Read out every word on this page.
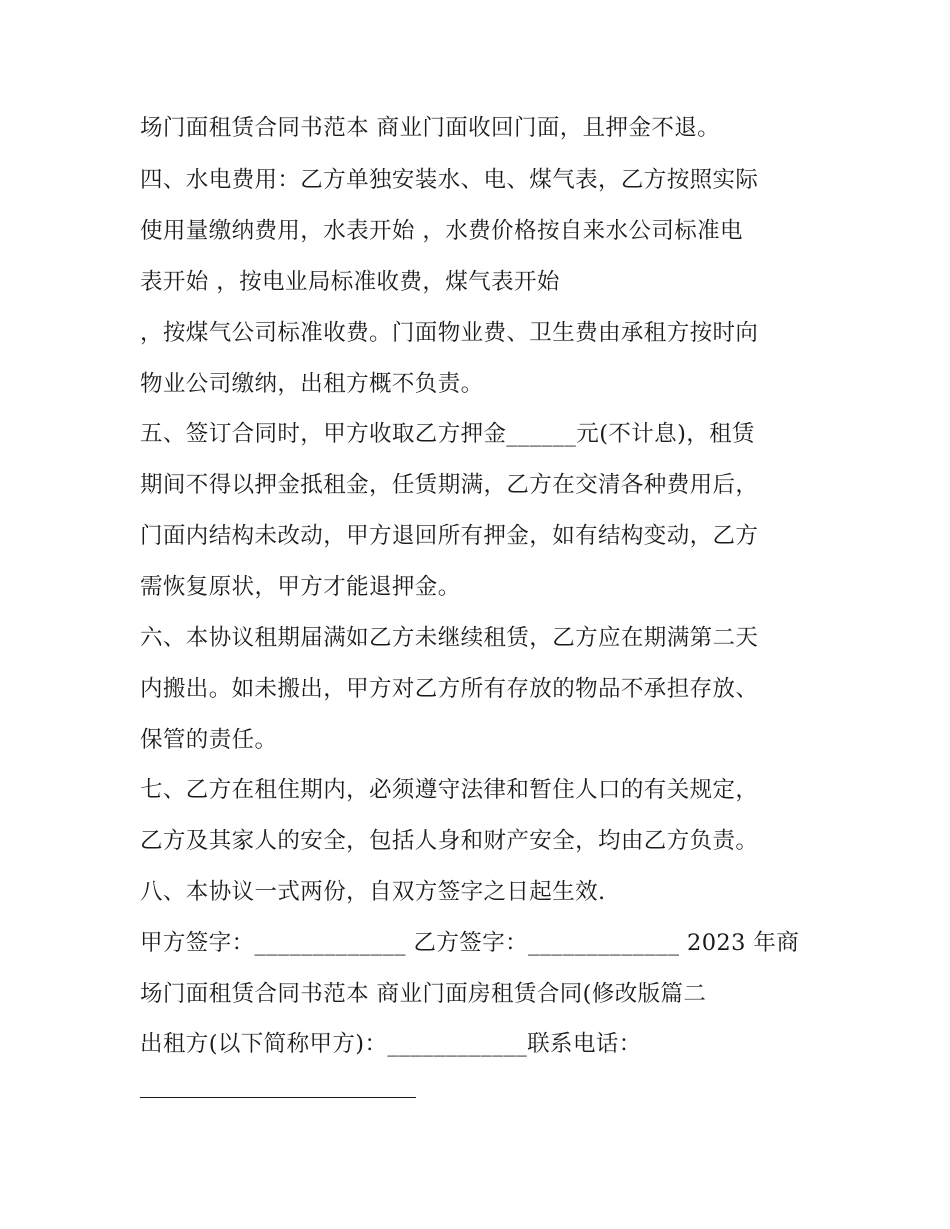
场门面租赁合同书范本 商业门面收回门面，且押金不退。
四、水电费用：乙方单独安装水、电、煤气表，乙方按照实际
使用量缴纳费用，水表开始 ，水费价格按自来水公司标准电
表开始 ，按电业局标准收费，煤气表开始
，按煤气公司标准收费。门面物业费、卫生费由承租方按时向
物业公司缴纳，出租方概不负责。
五、签订合同时，甲方收取乙方押金______元(不计息)，租赁
期间不得以押金抵租金，任赁期满，乙方在交清各种费用后，
门面内结构未改动，甲方退回所有押金，如有结构变动，乙方
需恢复原状，甲方才能退押金。
六、本协议租期届满如乙方未继续租赁，乙方应在期满第二天
内搬出。如未搬出，甲方对乙方所有存放的物品不承担存放、
保管的责任。
七、乙方在租住期内，必须遵守法律和暂住人口的有关规定，
乙方及其家人的安全，包括人身和财产安全，均由乙方负责。
八、本协议一式两份，自双方签字之日起生效.
甲方签字：_____________ 乙方签字：_____________ 2023 年商
场门面租赁合同书范本 商业门面房租赁合同(修改版篇二
出租方(以下简称甲方)：____________联系电话：
